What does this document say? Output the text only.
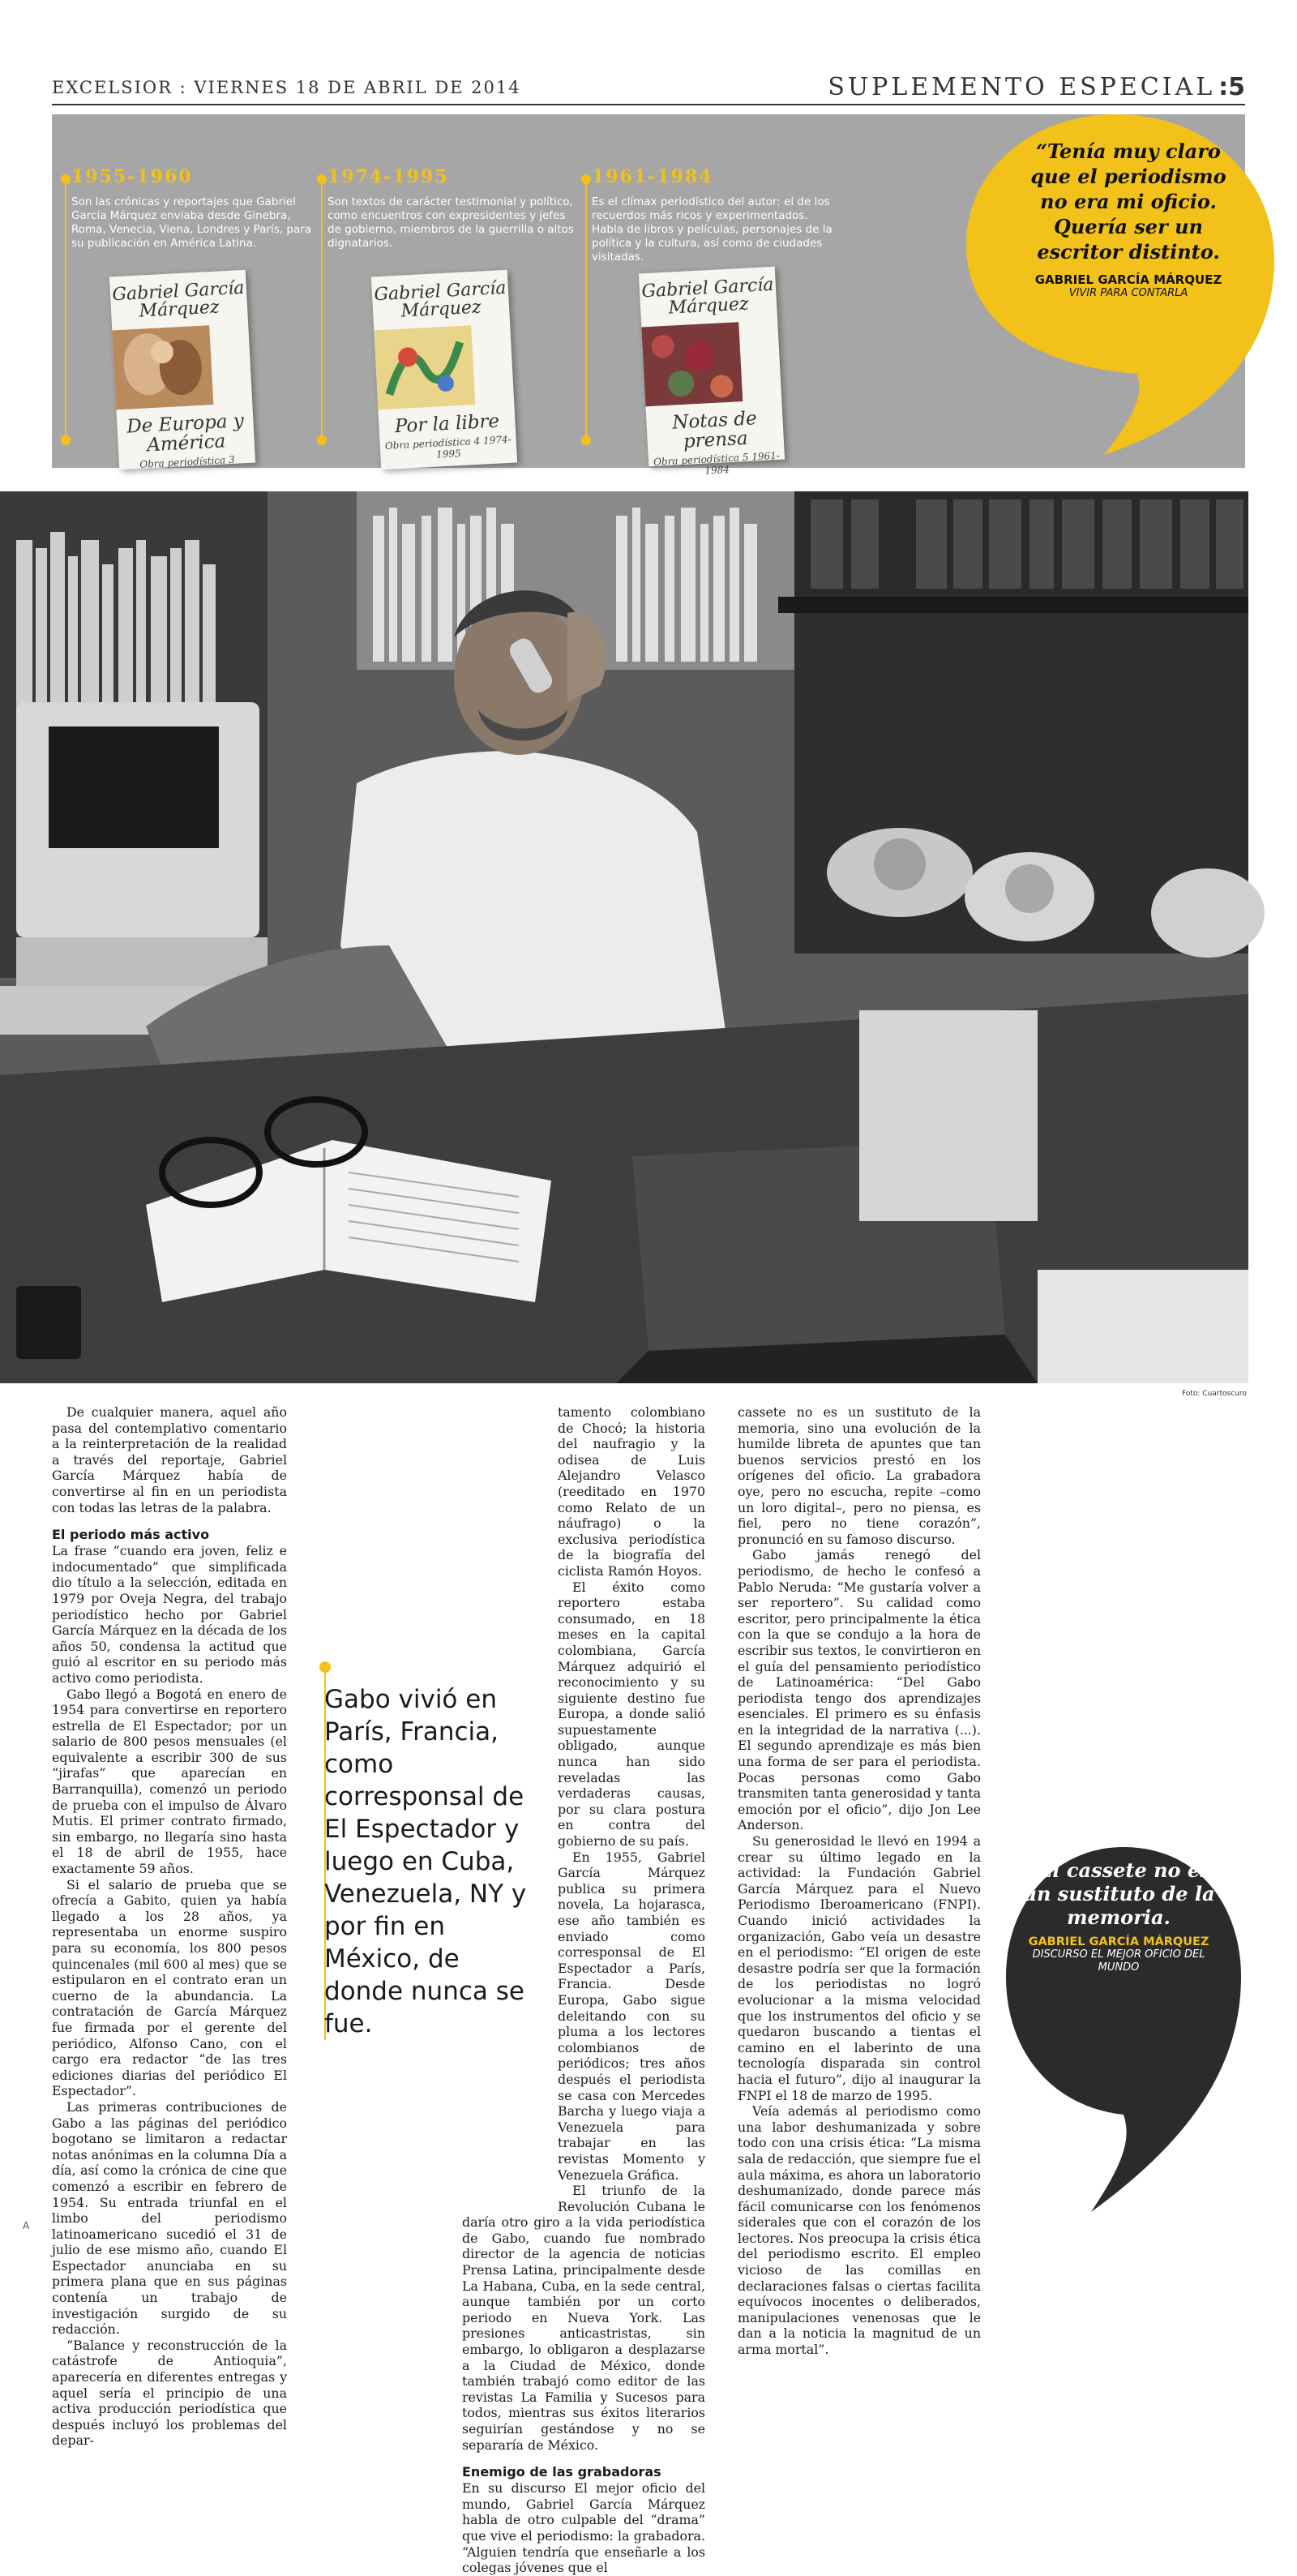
EXCELSIOR : VIERNES 18 DE ABRIL DE 2014	SUPLEMENTO ESPECIAL :5
1955-1960
Son las crónicas y reportajes que Gabriel García Márquez enviaba desde Ginebra, Roma, Venecia, Viena, Londres y París, para su publicación en América Latina.
Gabriel García Márquez
De Europa y América
Obra periodística 3
1974-1995
Son textos de carácter testimonial y político, como encuentros con expresidentes y jefes de gobierno, miembros de la guerrilla o altos dignatarios.
Gabriel García Márquez
Por la libre
Obra periodística 4 1974-1995
1961-1984
Es el clímax periodístico del autor: el de los recuerdos más ricos y experimentados. Habla de libros y películas, personajes de la política y la cultura, así como de ciudades visitadas.
Gabriel García Márquez
Notas de prensa
Obra periodística 5 1961-1984
“Tenía muy claro que el periodismo no era mi oficio. Quería ser un escritor distinto.
GABRIEL GARCÍA MÁRQUEZ
VIVIR PARA CONTARLA
Foto: Cuartoscuro

De cualquier manera, aquel año pasa del contemplativo comentario a la reinterpretación de la realidad a través del reportaje, Gabriel García Márquez había de convertirse al fin en un periodista con todas las letras de la palabra.

El periodo más activo

La frase “cuando era joven, feliz e indocumentado” que simplificada dio título a la selección, editada en 1979 por Oveja Negra, del trabajo periodístico hecho por Gabriel García Márquez en la década de los años 50, condensa la actitud que guió al escritor en su periodo más activo como periodista.

Gabo llegó a Bogotá en enero de 1954 para convertirse en reportero estrella de El Espectador; por un salario de 800 pesos mensuales (el equivalente a escribir 300 de sus “jirafas” que aparecían en Barranquilla), comenzó un periodo de prueba con el impulso de Álvaro Mutis. El primer contrato firmado, sin embargo, no llegaría sino hasta el 18 de abril de 1955, hace exactamente 59 años.

Si el salario de prueba que se ofrecía a Gabito, quien ya había llegado a los 28 años, ya representaba un enorme suspiro para su economía, los 800 pesos quincenales (mil 600 al mes) que se estipularon en el contrato eran un cuerno de la abundancia. La contratación de García Márquez fue firmada por el gerente del periódico, Alfonso Cano, con el cargo era redactor “de las tres ediciones diarias del periódico El Espectador”.

Las primeras contribuciones de Gabo a las páginas del periódico bogotano se limitaron a redactar notas anónimas en la columna Día a día, así como la crónica de cine que comenzó a escribir en febrero de 1954. Su entrada triunfal en el limbo del periodismo latinoamericano sucedió el 31 de julio de ese mismo año, cuando El Espectador anunciaba en su primera plana que en sus páginas contenía un trabajo de investigación surgido de su redacción.

“Balance y reconstrucción de la catástrofe de Antioquia”, aparecería en diferentes entregas y aquel sería el principio de una activa producción periodística que después incluyó los problemas del depar-

Gabo vivió en París, Francia, como corresponsal de El Espectador y luego en Cuba, Venezuela, NY y por fin en México, de donde nunca se fue.

tamento colombiano de Chocó; la historia del naufragio y la odisea de Luis Alejandro Velasco (reeditado en 1970 como Relato de un náufrago) o la exclusiva periodística de la biografía del ciclista Ramón Hoyos.

El éxito como reportero estaba consumado, en 18 meses en la capital colombiana, García Márquez adquirió el reconocimiento y su siguiente destino fue Europa, a donde salió supuestamente obligado, aunque nunca han sido reveladas las verdaderas causas, por su clara postura en contra del gobierno de su país.

En 1955, Gabriel García Márquez publica su primera novela, La hojarasca, ese año también es enviado como corresponsal de El Espectador a París, Francia. Desde Europa, Gabo sigue deleitando con su pluma a los lectores colombianos de periódicos; tres años después el periodista se casa con Mercedes Barcha y luego viaja a Venezuela para trabajar en las revistas Momento y Venezuela Gráfica.

El triunfo de la Revolución Cubana le daría otro giro a la vida periodística de Gabo, cuando fue nombrado director de la agencia de noticias Prensa Latina, principalmente desde La Habana, Cuba, en la sede central, aunque también por un corto periodo en Nueva York. Las presiones anticastristas, sin embargo, lo obligaron a desplazarse a la Ciudad de México, donde también trabajó como editor de las revistas La Familia y Sucesos para todos, mientras sus éxitos literarios seguirían gestándose y no se separaría de México.

Enemigo de las grabadoras

En su discurso El mejor oficio del mundo, Gabriel García Márquez habla de otro culpable del “drama” que vive el periodismo: la grabadora. “Alguien tendría que enseñarle a los colegas jóvenes que el

cassete no es un sustituto de la memoria, sino una evolución de la humilde libreta de apuntes que tan buenos servicios prestó en los orígenes del oficio. La grabadora oye, pero no escucha, repite –como un loro digital–, pero no piensa, es fiel, pero no tiene corazón”, pronunció en su famoso discurso.

Gabo jamás renegó del periodismo, de hecho le confesó a Pablo Neruda: “Me gustaría volver a ser reportero”. Su calidad como escritor, pero principalmente la ética con la que se condujo a la hora de escribir sus textos, le convirtieron en el guía del pensamiento periodístico de Latinoamérica: “Del Gabo periodista tengo dos aprendizajes esenciales. El primero es su énfasis en la integridad de la narrativa (...). El segundo aprendizaje es más bien una forma de ser para el periodista. Pocas personas como Gabo transmiten tanta generosidad y tanta emoción por el oficio”, dijo Jon Lee Anderson.

Su generosidad le llevó en 1994 a crear su último legado en la actividad: la Fundación Gabriel García Márquez para el Nuevo Periodismo Iberoamericano (FNPI). Cuando inició actividades la organización, Gabo veía un desastre en el periodismo: “El origen de este desastre podría ser que la formación de los periodistas no logró evolucionar a la misma velocidad que los instrumentos del oficio y se quedaron buscando a tientas el camino en el laberinto de una tecnología disparada sin control hacia el futuro”, dijo al inaugurar la FNPI el 18 de marzo de 1995.

Veía además al periodismo como una labor deshumanizada y sobre todo con una crisis ética: “La misma sala de redacción, que siempre fue el aula máxima, es ahora un laboratorio deshumanizado, donde parece más fácil comunicarse con los fenómenos siderales que con el corazón de los lectores. Nos preocupa la crisis ética del periodismo escrito. El empleo vicioso de las comillas en declaraciones falsas o ciertas facilita equívocos inocentes o deliberados, manipulaciones venenosas que le dan a la noticia la magnitud de un arma mortal”.

“El cassete no es un sustituto de la memoria.
GABRIEL GARCÍA MÁRQUEZ
DISCURSO EL MEJOR OFICIO DEL MUNDO
A
